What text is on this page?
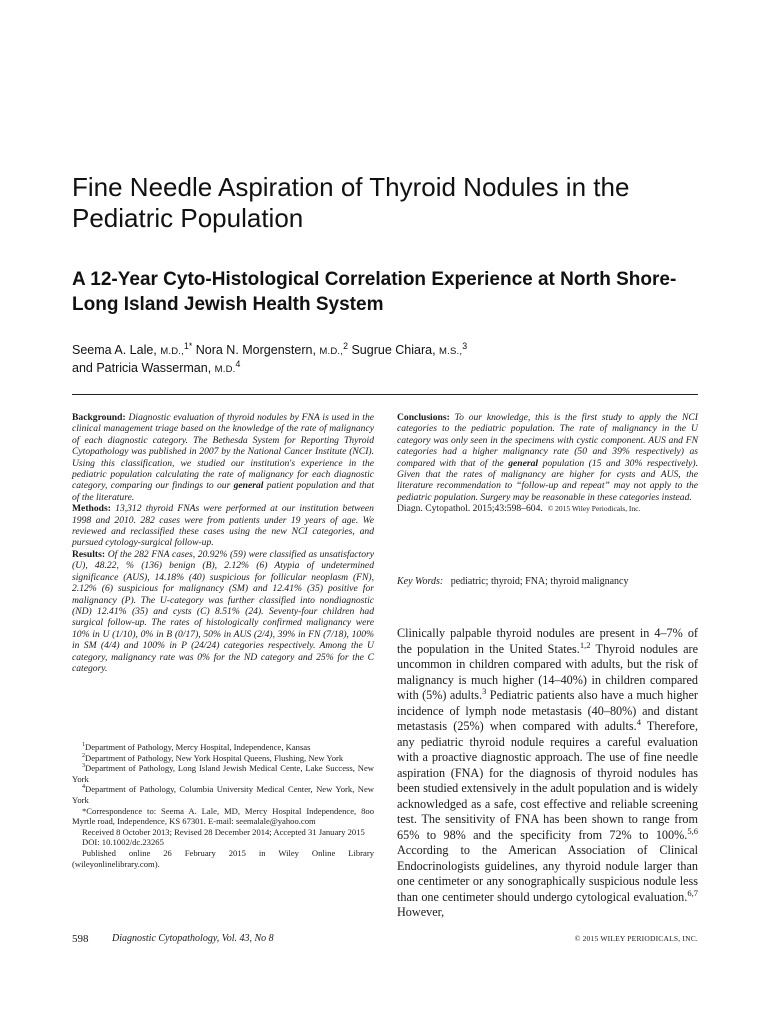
Fine Needle Aspiration of Thyroid Nodules in the Pediatric Population
A 12-Year Cyto-Histological Correlation Experience at North Shore-Long Island Jewish Health System
Seema A. Lale, M.D.,$^{1*}$ Nora N. Morgenstern, M.D.,$^2$ Sugrue Chiara, M.S.,$^3$
and Patricia Wasserman, M.D.$^4$

Background: Diagnostic evaluation of thyroid nodules by FNA is used in the clinical management triage based on the knowledge of the rate of malignancy of each diagnostic category. The Bethesda System for Reporting Thyroid Cytopathology was published in 2007 by the National Cancer Institute (NCI). Using this classification, we studied our institution's experience in the pediatric population calculating the rate of malignancy for each diagnostic category, comparing our findings to our general patient population and that of the literature.

Methods: 13,312 thyroid FNAs were performed at our institution between 1998 and 2010. 282 cases were from patients under 19 years of age. We reviewed and reclassified these cases using the new NCI categories, and pursued cytology-surgical follow-up.

Results: Of the 282 FNA cases, 20.92% (59) were classified as unsatisfactory (U), 48.22, % (136) benign (B), 2.12% (6) Atypia of undetermined significance (AUS), 14.18% (40) suspicious for follicular neoplasm (FN), 2.12% (6) suspicious for malignancy (SM) and 12.41% (35) positive for malignancy (P). The U-category was further classified into nondiagnostic (ND) 12.41% (35) and cysts (C) 8.51% (24). Seventy-four children had surgical follow-up. The rates of histologically confirmed malignancy were 10% in U (1/10), 0% in B (0/17), 50% in AUS (2/4), 39% in FN (7/18), 100% in SM (4/4) and 100% in P (24/24) categories respectively. Among the U category, malignancy rate was 0% for the ND category and 25% for the C category.

Conclusions: To our knowledge, this is the first study to apply the NCI categories to the pediatric population. The rate of malignancy in the U category was only seen in the specimens with cystic component. AUS and FN categories had a higher malignancy rate (50 and 39% respectively) as compared with that of the general population (15 and 30% respectively). Given that the rates of malignancy are higher for cysts and AUS, the literature recommendation to “follow-up and repeat” may not apply to the pediatric population. Surgery may be reasonable in these categories instead.

Diagn. Cytopathol. 2015;43:598–604. © 2015 Wiley Periodicals, Inc.

Key Words: pediatric; thyroid; FNA; thyroid malignancy

Clinically palpable thyroid nodules are present in 4–7% of the population in the United States.$^{1,2}$ Thyroid nodules are uncommon in children compared with adults, but the risk of malignancy is much higher (14–40%) in children compared with (5%) adults.$^3$ Pediatric patients also have a much higher incidence of lymph node metastasis (40–80%) and distant metastasis (25%) when compared with adults.$^4$ Therefore, any pediatric thyroid nodule requires a careful evaluation with a proactive diagnostic approach. The use of fine needle aspiration (FNA) for the diagnosis of thyroid nodules has been studied extensively in the adult population and is widely acknowledged as a safe, cost effective and reliable screening test. The sensitivity of FNA has been shown to range from 65% to 98% and the specificity from 72% to 100%.$^{5,6}$ According to the American Association of Clinical Endocrinologists guidelines, any thyroid nodule larger than one centimeter or any sonographically suspicious nodule less than one centimeter should undergo cytological evaluation.$^{6,7}$ However,

$^1$Department of Pathology, Mercy Hospital, Independence, Kansas

$^2$Department of Pathology, New York Hospital Queens, Flushing, New York

$^3$Department of Pathology, Long Island Jewish Medical Cente, Lake Success, New York

$^4$Department of Pathology, Columbia University Medical Center, New York, New York

*Correspondence to: Seema A. Lale, MD, Mercy Hospital Independence, 8oo Myrtle road, Independence, KS 67301. E-mail: seemalale@yahoo.com

Received 8 October 2013; Revised 28 December 2014; Accepted 31 January 2015

DOI: 10.1002/dc.23265

Published online 26 February 2015 in Wiley Online Library (wileyonlinelibrary.com).

598 Diagnostic Cytopathology, Vol. 43, No 8	© 2015 WILEY PERIODICALS, INC.
